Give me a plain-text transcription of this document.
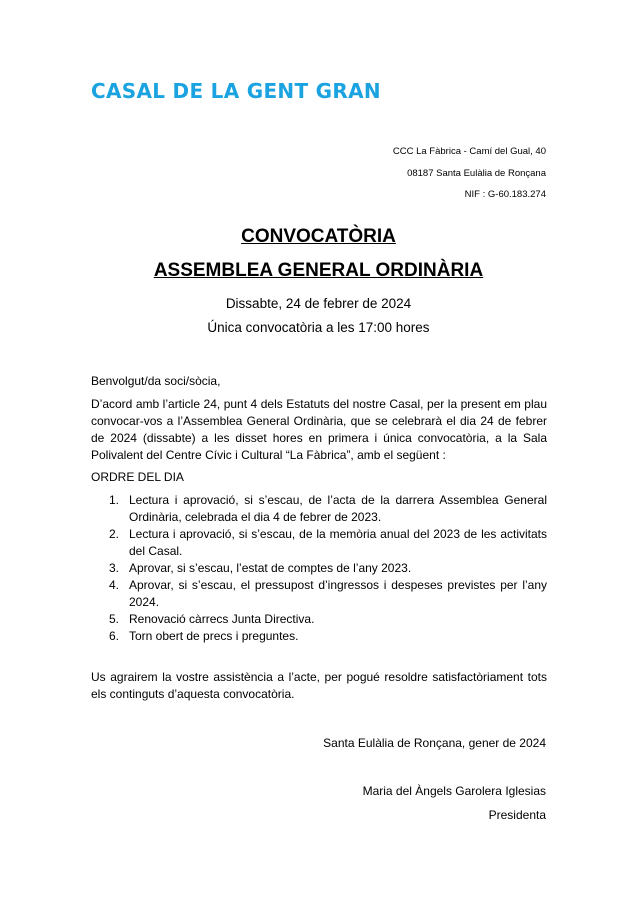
CASAL DE LA GENT GRAN
CCC La Fàbrica - Camí del Gual, 40
08187 Santa Eulàlia de Ronçana
NIF : G-60.183.274
CONVOCATÒRIA
ASSEMBLEA GENERAL ORDINÀRIA
Dissabte, 24 de febrer de 2024
Única convocatòria a les 17:00 hores
Benvolgut/da soci/sòcia,
D’acord amb l’article 24, punt 4 dels Estatuts del nostre Casal, per la present em plau convocar-vos a l’Assemblea General Ordinària, que se celebrarà el dia 24 de febrer de 2024 (dissabte) a les disset hores en primera i única convocatòria, a la Sala Polivalent del Centre Cívic i Cultural “La Fàbrica”, amb el següent :
ORDRE DEL DIA
1. Lectura i aprovació, si s’escau, de l’acta de la darrera Assemblea General Ordinària, celebrada el dia 4 de febrer de 2023.
2. Lectura i aprovació, si s’escau, de la memòria anual del 2023 de les activitats del Casal.
3. Aprovar, si s’escau, l’estat de comptes de l’any 2023.
4. Aprovar, si s’escau, el pressupost d’ingressos i despeses previstes per l’any 2024.
5. Renovació càrrecs Junta Directiva.
6. Torn obert de precs i preguntes.
Us agrairem la vostre assistència a l’acte, per pogué resoldre satisfactòriament tots els continguts d’aquesta convocatòria.
Santa Eulàlia de Ronçana, gener de 2024
Maria del Àngels Garolera Iglesias
Presidenta
